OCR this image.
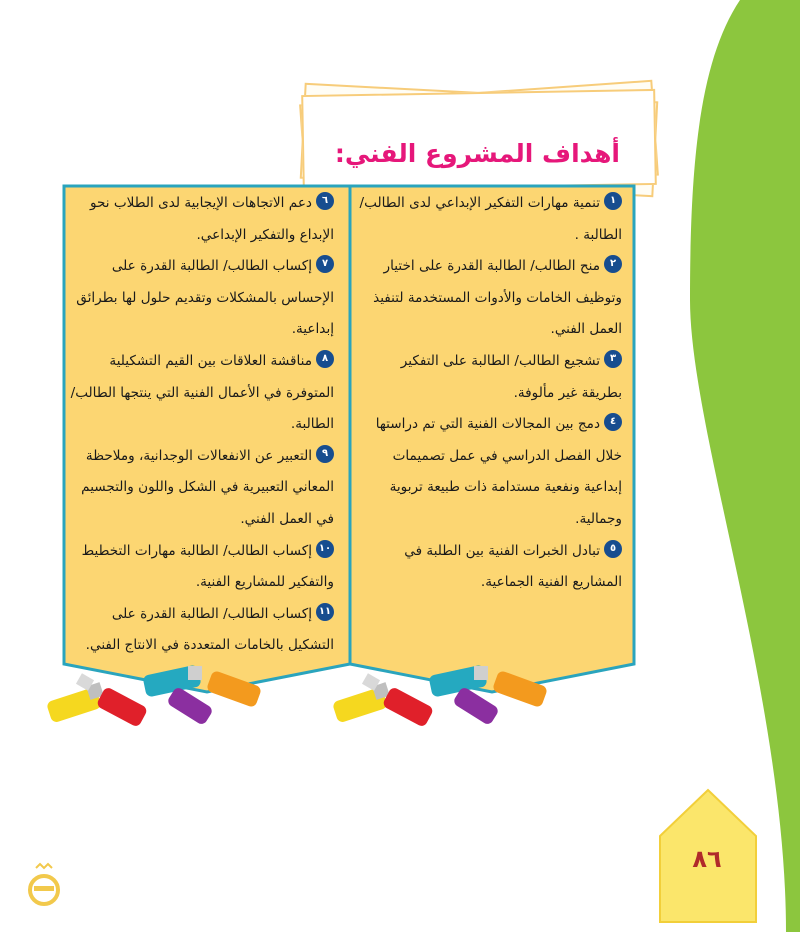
أهداف المشروع الفني:
١تنمية مهارات التفكير الإبداعي لدى الطالب/ الطالبة .
٢منح الطالب/ الطالبة القدرة على اختيار وتوظيف الخامات والأدوات المستخدمة لتنفيذ العمل الفني.
٣تشجيع الطالب/ الطالبة على التفكير بطريقة غير مألوفة.
٤دمج بين المجالات الفنية التي تم دراستها خلال الفصل الدراسي في عمل تصميمات إبداعية ونفعية مستدامة ذات طبيعة تربوية وجمالية.
٥تبادل الخبرات الفنية بين الطلبة في المشاريع الفنية الجماعية.
٦دعم الاتجاهات الإيجابية لدى الطلاب نحو الإبداع والتفكير الإبداعي.
٧إكساب الطالب/ الطالبة القدرة على الإحساس بالمشكلات وتقديم حلول لها بطرائق إبداعية.
٨مناقشة العلاقات بين القيم التشكيلية المتوفرة في الأعمال الفنية التي ينتجها الطالب/ الطالبة.
٩التعبير عن الانفعالات الوجدانية، وملاحظة المعاني التعبيرية في الشكل واللون والتجسيم في العمل الفني.
١٠إكساب الطالب/ الطالبة مهارات التخطيط والتفكير للمشاريع الفنية.
١١إكساب الطالب/ الطالبة القدرة على التشكيل بالخامات المتعددة في الانتاج الفني.

٨٦
